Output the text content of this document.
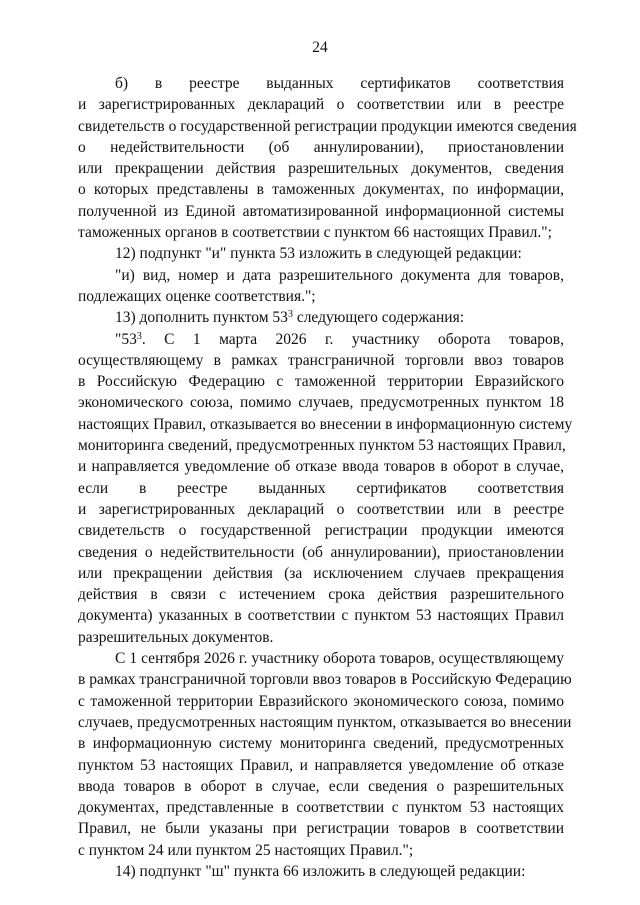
24
б) в реестре выданных сертификатов соответствия
и зарегистрированных деклараций о соответствии или в реестре
свидетельств о государственной регистрации продукции имеются сведения
о недействительности (об аннулировании), приостановлении
или прекращении действия разрешительных документов, сведения
о которых представлены в таможенных документах, по информации,
полученной из Единой автоматизированной информационной системы
таможенных органов в соответствии с пунктом 66 настоящих Правил.";
12) подпункт "и" пункта 53 изложить в следующей редакции:
"и) вид, номер и дата разрешительного документа для товаров,
подлежащих оценке соответствия.";
13) дополнить пунктом $53^3$ следующего содержания:
"$53^3$. С 1 марта 2026 г. участнику оборота товаров,
осуществляющему в рамках трансграничной торговли ввоз товаров
в Российскую Федерацию с таможенной территории Евразийского
экономического союза, помимо случаев, предусмотренных пунктом 18
настоящих Правил, отказывается во внесении в информационную систему
мониторинга сведений, предусмотренных пунктом 53 настоящих Правил,
и направляется уведомление об отказе ввода товаров в оборот в случае,
если в реестре выданных сертификатов соответствия
и зарегистрированных деклараций о соответствии или в реестре
свидетельств о государственной регистрации продукции имеются
сведения о недействительности (об аннулировании), приостановлении
или прекращении действия (за исключением случаев прекращения
действия в связи с истечением срока действия разрешительного
документа) указанных в соответствии с пунктом 53 настоящих Правил
разрешительных документов.
С 1 сентября 2026 г. участнику оборота товаров, осуществляющему
в рамках трансграничной торговли ввоз товаров в Российскую Федерацию
с таможенной территории Евразийского экономического союза, помимо
случаев, предусмотренных настоящим пунктом, отказывается во внесении
в информационную систему мониторинга сведений, предусмотренных
пунктом 53 настоящих Правил, и направляется уведомление об отказе
ввода товаров в оборот в случае, если сведения о разрешительных
документах, представленные в соответствии с пунктом 53 настоящих
Правил, не были указаны при регистрации товаров в соответствии
с пунктом 24 или пунктом 25 настоящих Правил.";
14) подпункт "ш" пункта 66 изложить в следующей редакции:
